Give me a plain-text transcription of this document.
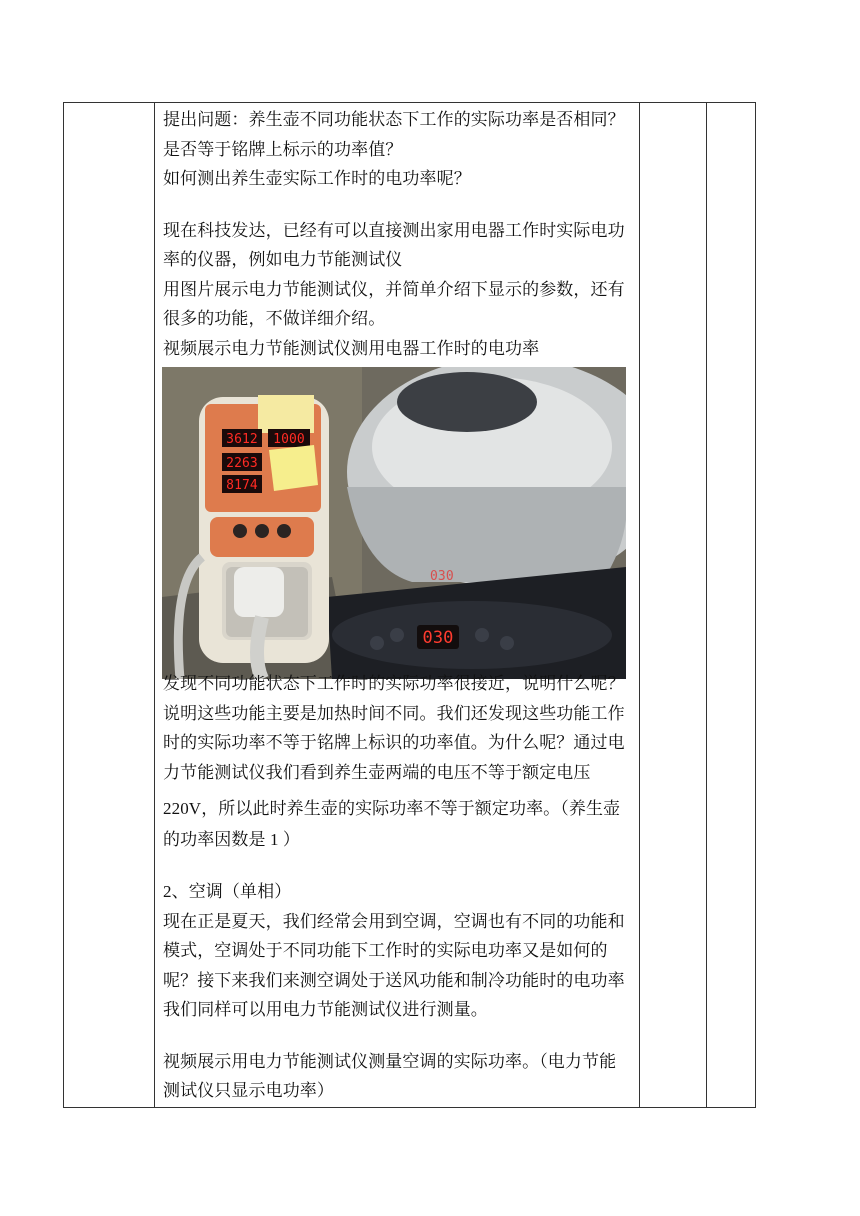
提出问题：养生壶不同功能状态下工作的实际功率是否相同？

是否等于铭牌上标示的功率值？

如何测出养生壶实际工作时的电功率呢？

现在科技发达，已经有可以直接测出家用电器工作时实际电功

率的仪器，例如电力节能测试仪

用图片展示电力节能测试仪，并简单介绍下显示的参数，还有

很多的功能，不做详细介绍。

视频展示电力节能测试仪测用电器工作时的电功率

030
030
3612 1000
2263
8174

发现不同功能状态下工作时的实际功率很接近，说明什么呢？

说明这些功能主要是加热时间不同。我们还发现这些功能工作

时的实际功率不等于铭牌上标识的功率值。为什么呢？通过电

力节能测试仪我们看到养生壶两端的电压不等于额定电压

220V，所以此时养生壶的实际功率不等于额定功率。（养生壶

的功率因数是 1 ）

2、空调（单相）

现在正是夏天，我们经常会用到空调，空调也有不同的功能和

模式，空调处于不同功能下工作时的实际电功率又是如何的

呢？接下来我们来测空调处于送风功能和制冷功能时的电功率

我们同样可以用电力节能测试仪进行测量。

视频展示用电力节能测试仪测量空调的实际功率。（电力节能

测试仪只显示电功率）
